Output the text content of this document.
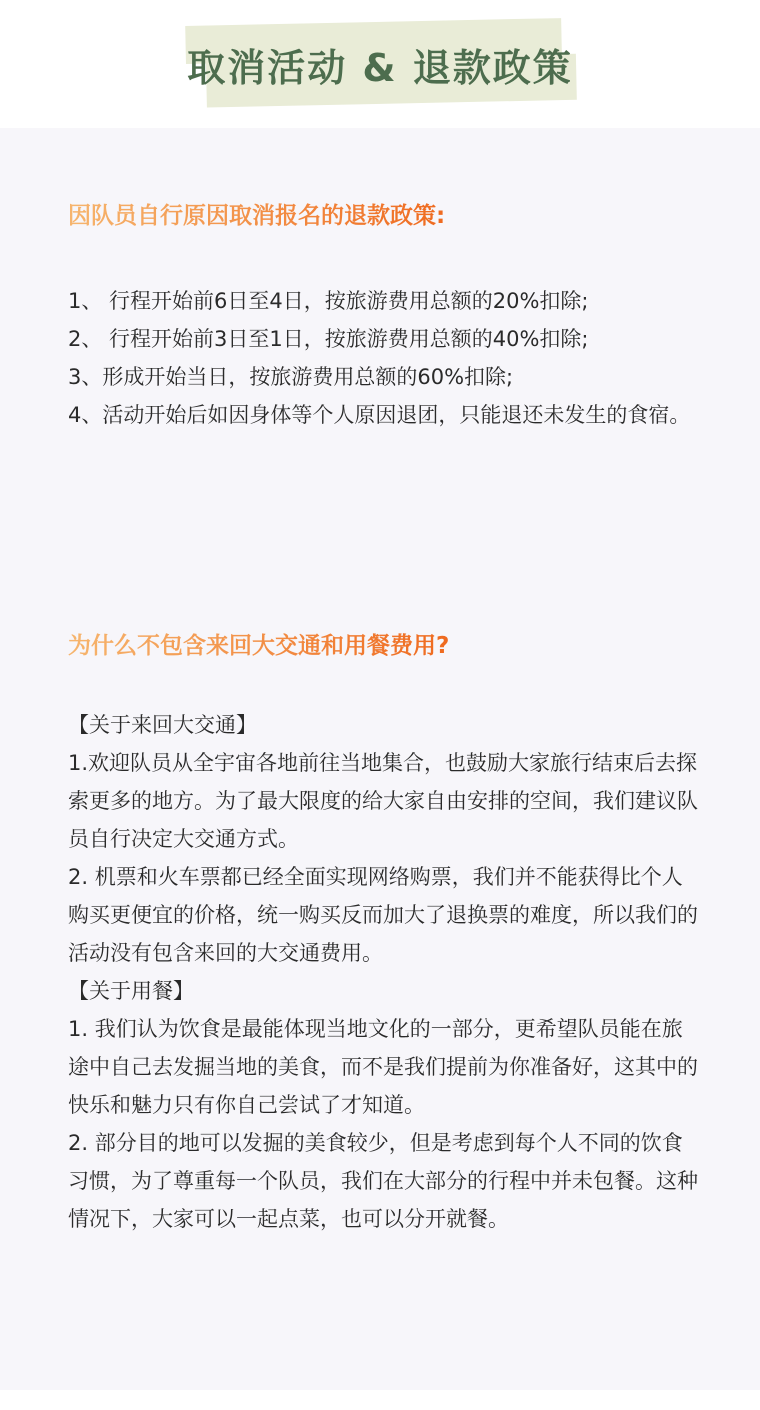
取消活动 & 退款政策
因队员自行原因取消报名的退款政策:

1、 行程开始前6日至4日，按旅游费用总额的20%扣除;

2、 行程开始前3日至1日，按旅游费用总额的40%扣除;

3、形成开始当日，按旅游费用总额的60%扣除;

4、活动开始后如因身体等个人原因退团，只能退还未发生的食宿。

为什么不包含来回大交通和用餐费用?

【关于来回大交通】

1.欢迎队员从全宇宙各地前往当地集合，也鼓励大家旅行结束后去探索更多的地方。为了最大限度的给大家自由安排的空间，我们建议队员自行决定大交通方式。

2. 机票和火车票都已经全面实现网络购票，我们并不能获得比个人购买更便宜的价格，统一购买反而加大了退换票的难度，所以我们的活动没有包含来回的大交通费用。

【关于用餐】

1. 我们认为饮食是最能体现当地文化的一部分，更希望队员能在旅途中自己去发掘当地的美食，而不是我们提前为你准备好，这其中的快乐和魅力只有你自己尝试了才知道。

2. 部分目的地可以发掘的美食较少，但是考虑到每个人不同的饮食习惯，为了尊重每一个队员，我们在大部分的行程中并未包餐。这种情况下，大家可以一起点菜，也可以分开就餐。
